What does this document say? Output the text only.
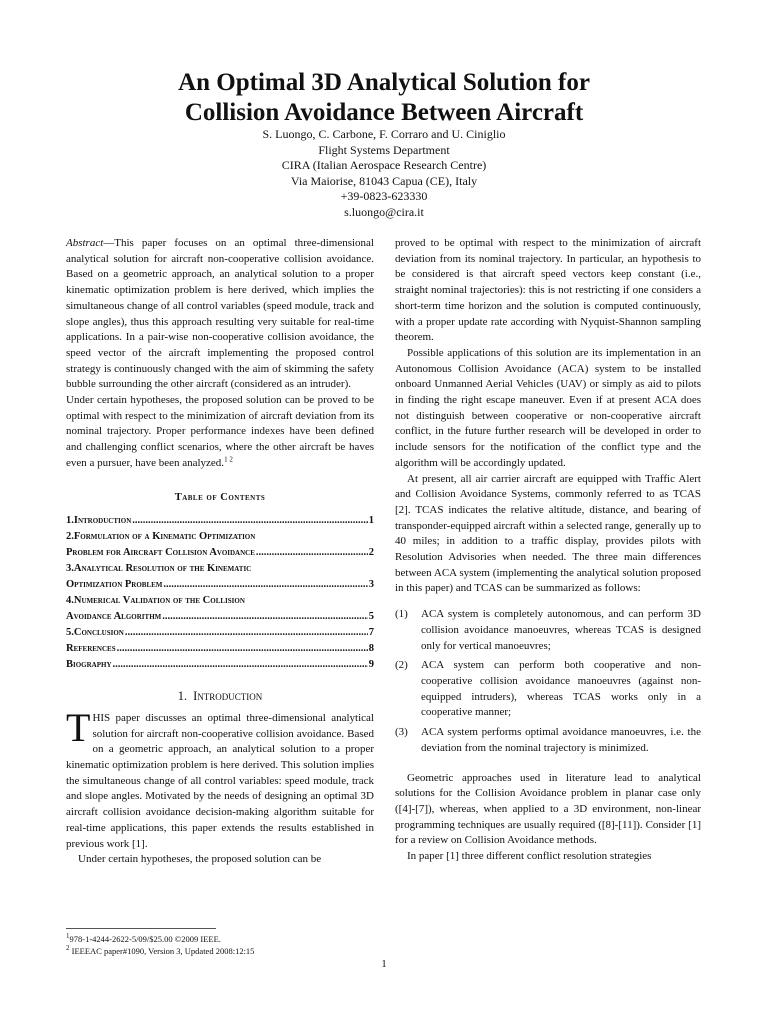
An Optimal 3D Analytical Solution for
Collision Avoidance Between Aircraft
S. Luongo, C. Carbone, F. Corraro and U. Ciniglio
Flight Systems Department
CIRA (Italian Aerospace Research Centre)
Via Maiorise, 81043 Capua (CE), Italy
+39-0823-623330
s.luongo@cira.it

Abstract—This paper focuses on an optimal three-dimensional analytical solution for aircraft non-cooperative collision avoidance. Based on a geometric approach, an analytical solution to a proper kinematic optimization problem is here derived, which implies the simultaneous change of all control variables (speed module, track and slope angles), thus this approach resulting very suitable for real-time applications. In a pair-wise non-cooperative collision avoidance, the speed vector of the aircraft implementing the proposed control strategy is continuously changed with the aim of skimming the safety bubble surrounding the other aircraft (considered as an intruder).

Under certain hypotheses, the proposed solution can be proved to be optimal with respect to the minimization of aircraft deviation from its nominal trajectory. Proper performance indexes have been defined and challenging conflict scenarios, where the other aircraft be haves even a pursuer, have been analyzed.$^{1 2}$

Table of Contents
1.Introduction .....	1
2.Formulation of a Kinematic Optimization
Problem for Aircraft Collision Avoidance .....	2
3.Analytical Resolution of the Kinematic
Optimization Problem .....	3
4.Numerical Validation of the Collision
Avoidance Algorithm .....	5
5.Conclusion .....	7
References .....	8
Biography .....	9
1. Introduction

THIS paper discusses an optimal three-dimensional analytical solution for aircraft non-cooperative collision avoidance. Based on a geometric approach, an analytical solution to a proper kinematic optimization problem is here derived. This solution implies the simultaneous change of all control variables: speed module, track and slope angles. Motivated by the needs of designing an optimal 3D aircraft collision avoidance decision-making algorithm suitable for real-time applications, this paper extends the results established in previous work [1].

Under certain hypotheses, the proposed solution can be

$^1$978-1-4244-2622-5/09/$25.00 ©2009 IEEE.
$^2$ IEEEAC paper#1090, Version 3, Updated 2008:12:15

proved to be optimal with respect to the minimization of aircraft deviation from its nominal trajectory. In particular, an hypothesis to be considered is that aircraft speed vectors keep constant (i.e., straight nominal trajectories): this is not restricting if one considers a short-term time horizon and the solution is computed continuously, with a proper update rate according with Nyquist-Shannon sampling theorem.

Possible applications of this solution are its implementation in an Autonomous Collision Avoidance (ACA) system to be installed onboard Unmanned Aerial Vehicles (UAV) or simply as aid to pilots in finding the right escape maneuver. Even if at present ACA does not distinguish between cooperative or non-cooperative aircraft conflict, in the future further research will be developed in order to include sensors for the notification of the conflict type and the algorithm will be accordingly updated.

At present, all air carrier aircraft are equipped with Traffic Alert and Collision Avoidance Systems, commonly referred to as TCAS [2]. TCAS indicates the relative altitude, distance, and bearing of transponder-equipped aircraft within a selected range, generally up to 40 miles; in addition to a traffic display, provides pilots with Resolution Advisories when needed. The three main differences between ACA system (implementing the analytical solution proposed in this paper) and TCAS can be summarized as follows:

(1) ACA system is completely autonomous, and can perform 3D collision avoidance manoeuvres, whereas TCAS is designed only for vertical manoeuvres;
(2) ACA system can perform both cooperative and non-cooperative collision avoidance manoeuvres (against non-equipped intruders), whereas TCAS works only in a cooperative manner;
(3) ACA system performs optimal avoidance manoeuvres, i.e. the deviation from the nominal trajectory is minimized.

Geometric approaches used in literature lead to analytical solutions for the Collision Avoidance problem in planar case only ([4]-[7]), whereas, when applied to a 3D environment, non-linear programming techniques are usually required ([8]-[11]). Consider [1] for a review on Collision Avoidance methods.

In paper [1] three different conflict resolution strategies

1
